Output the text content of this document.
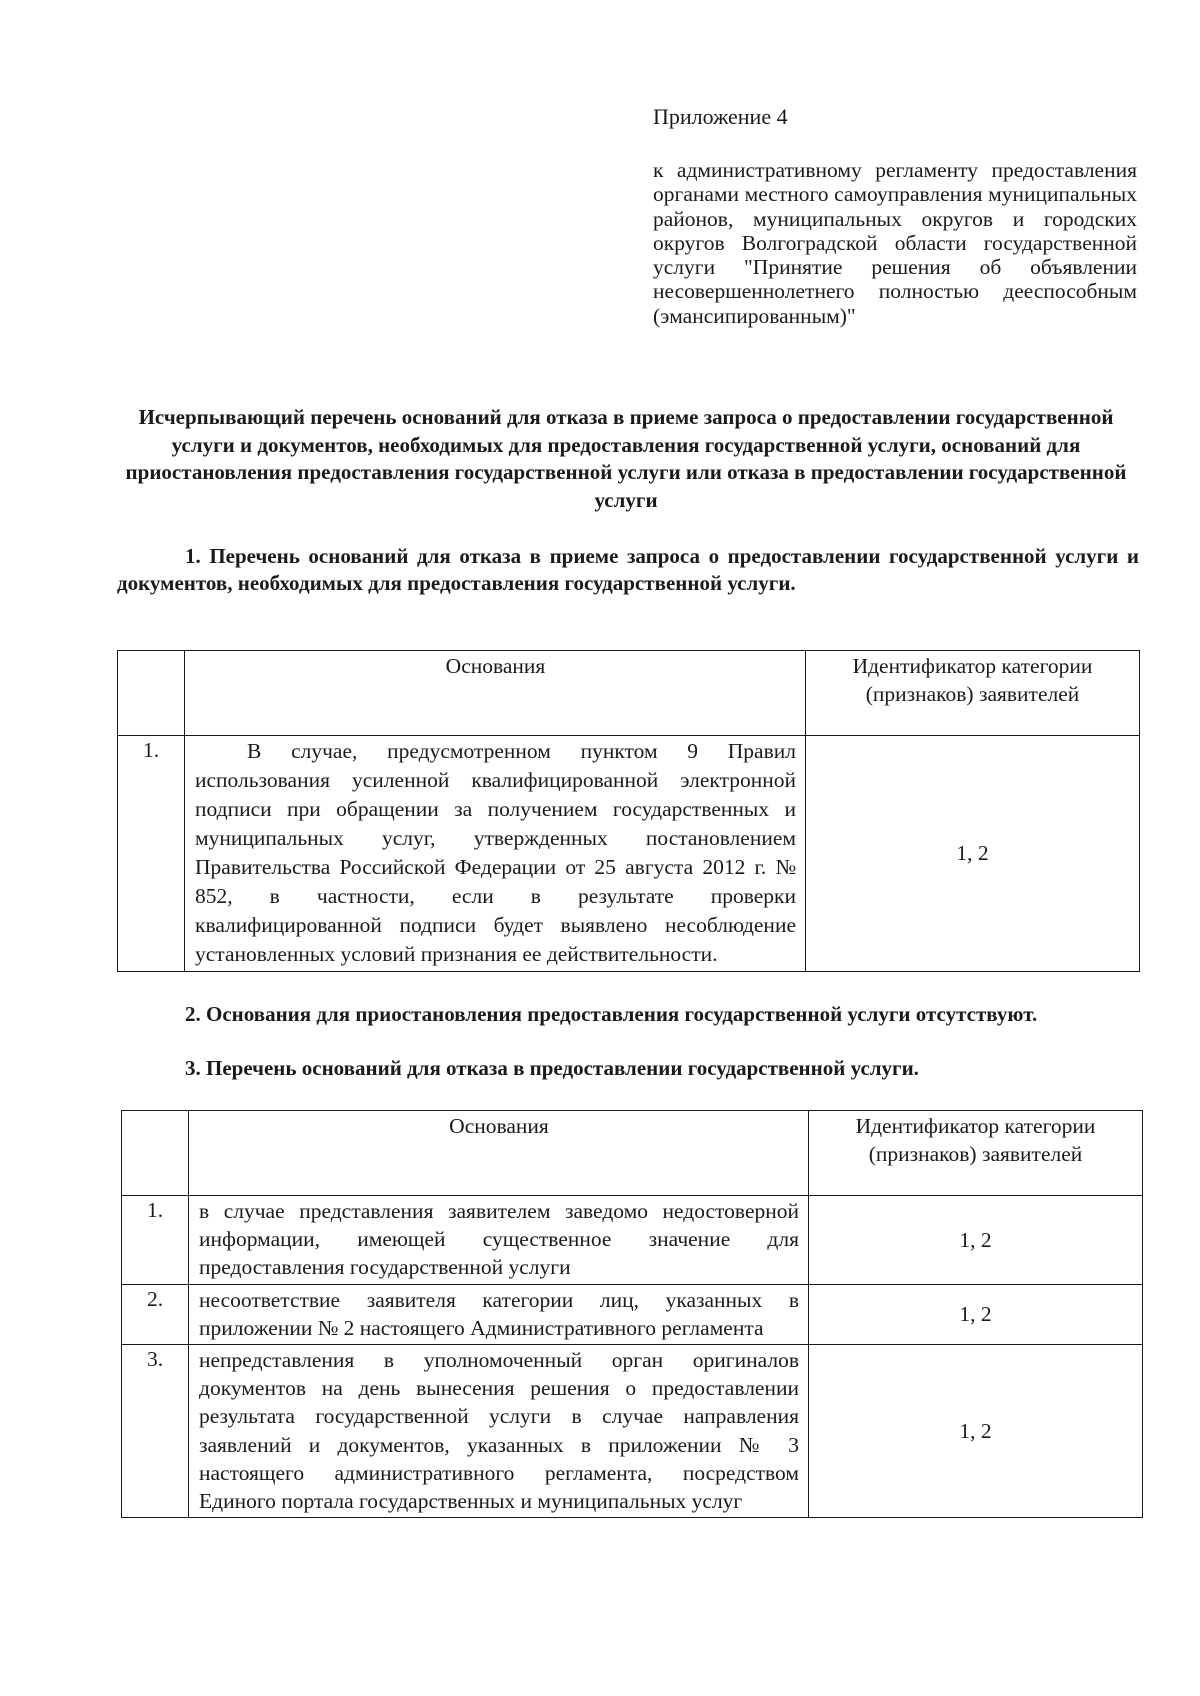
Приложение 4
к административному регламенту предоставления органами местного самоуправления муниципальных районов, муниципальных округов и городских округов Волгоградской области государственной услуги "Принятие решения об объявлении несовершеннолетнего полностью дееспособным (эмансипированным)"
Исчерпывающий перечень оснований для отказа в приеме запроса о предоставлении государственной услуги и документов, необходимых для предоставления государственной услуги, оснований для приостановления предоставления государственной услуги или отказа в предоставлении государственной услуги
1. Перечень оснований для отказа в приеме запроса о предоставлении государственной услуги и документов, необходимых для предоставления государственной услуги.
	Основания	Идентификатор категории (признаков) заявителей
1.	В случае, предусмотренном пунктом 9 Правил использования усиленной квалифицированной электронной подписи при обращении за получением государственных и муниципальных услуг, утвержденных постановлением Правительства Российской Федерации от 25 августа 2012 г. № 852, в частности, если в результате проверки квалифицированной подписи будет выявлено несоблюдение установленных условий признания ее действительности.	1, 2
2. Основания для приостановления предоставления государственной услуги отсутствуют.
3. Перечень оснований для отказа в предоставлении государственной услуги.
	Основания	Идентификатор категории (признаков) заявителей
1.	в случае представления заявителем заведомо недостоверной информации, имеющей существенное значение для предоставления государственной услуги	1, 2
2.	несоответствие заявителя категории лиц, указанных в приложении № 2 настоящего Административного регламента	1, 2
3.	непредставления в уполномоченный орган оригиналов документов на день вынесения решения о предоставлении результата государственной услуги в случае направления заявлений и документов, указанных в приложении № 3 настоящего административного регламента, посредством Единого портала государственных и муниципальных услуг	1, 2
